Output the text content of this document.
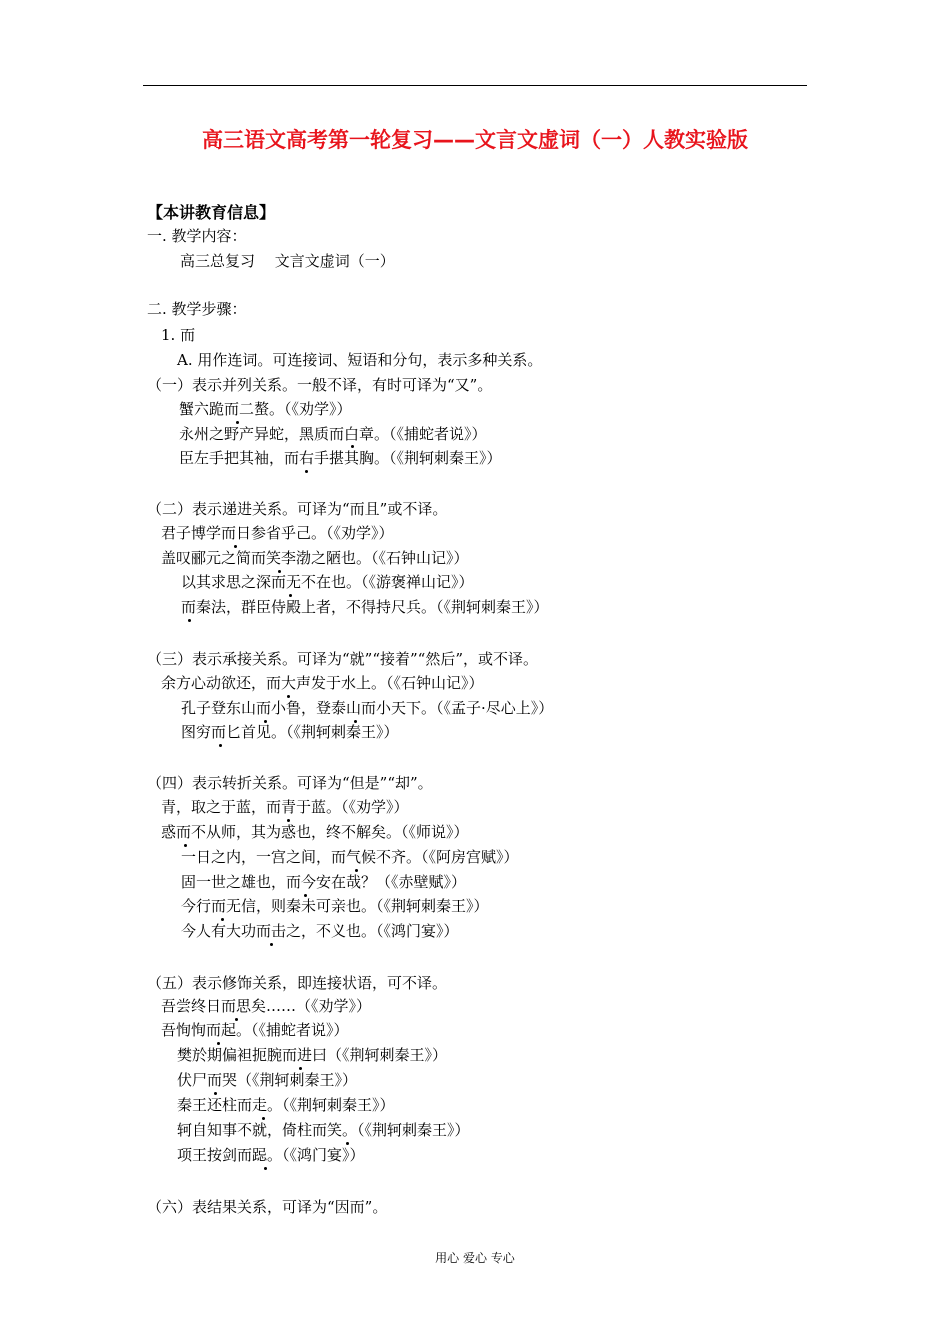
高三语文高考第一轮复习——文言文虚词（一）人教实验版
【本讲教育信息】
一. 教学内容：
高三总复习　 文言文虚词（一）
二. 教学步骤：
1. 而
A. 用作连词。可连接词、短语和分句，表示多种关系。
（一）表示并列关系。一般不译，有时可译为“又”。
蟹六跪而二螯。（《劝学》）
永州之野产异蛇，黑质而白章。（《捕蛇者说》）
臣左手把其袖，而右手揕其胸。（《荆轲刺秦王》）
（二）表示递进关系。可译为“而且”或不译。
君子博学而日参省乎己。（《劝学》）
盖叹郦元之简而笑李渤之陋也。（《石钟山记》）
以其求思之深而无不在也。（《游褒禅山记》）
而秦法，群臣侍殿上者，不得持尺兵。（《荆轲刺秦王》）
（三）表示承接关系。可译为“就”“接着”“然后”，或不译。
余方心动欲还，而大声发于水上。（《石钟山记》）
孔子登东山而小鲁，登泰山而小天下。（《孟子·尽心上》）
图穷而匕首见。（《荆轲刺秦王》）
（四）表示转折关系。可译为“但是”“却”。
青，取之于蓝，而青于蓝。（《劝学》）
惑而不从师，其为惑也，终不解矣。（《师说》）
一日之内，一宫之间，而气候不齐。（《阿房宫赋》）
固一世之雄也，而今安在哉？（《赤壁赋》）
今行而无信，则秦未可亲也。（《荆轲刺秦王》）
今人有大功而击之，不义也。（《鸿门宴》）
（五）表示修饰关系，即连接状语，可不译。
吾尝终日而思矣……（《劝学》）
吾恂恂而起。（《捕蛇者说》）
樊於期偏袒扼腕而进曰（《荆轲刺秦王》）
伏尸而哭（《荆轲刺秦王》）
秦王还柱而走。（《荆轲刺秦王》）
轲自知事不就，倚柱而笑。（《荆轲刺秦王》）
项王按剑而跽。（《鸿门宴》）
（六）表结果关系，可译为“因而”。
用心 爱心 专心
